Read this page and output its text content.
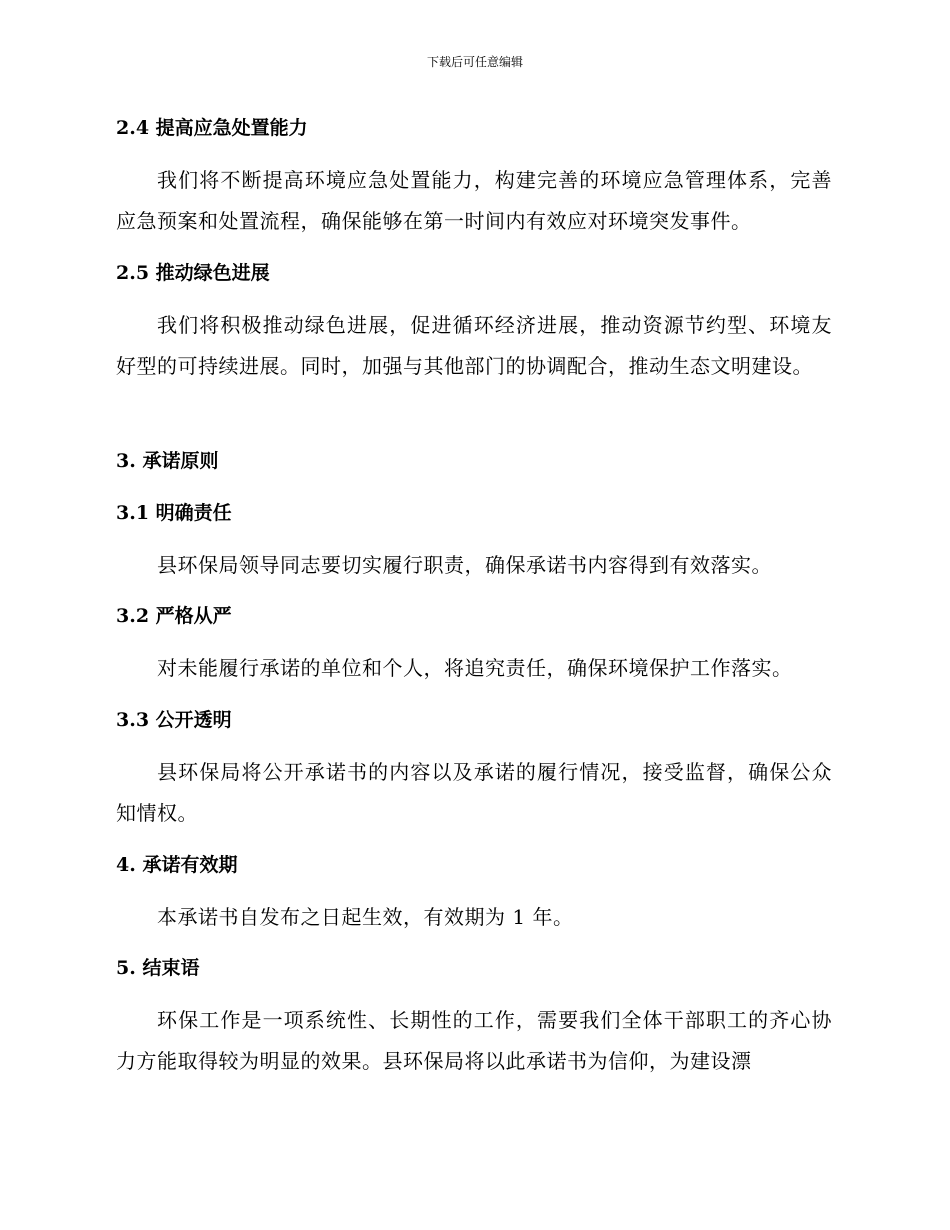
下载后可任意编辑
2.4 提高应急处置能力
我们将不断提高环境应急处置能力，构建完善的环境应急管理体系，完善应急预案和处置流程，确保能够在第一时间内有效应对环境突发事件。
2.5 推动绿色进展
我们将积极推动绿色进展，促进循环经济进展，推动资源节约型、环境友好型的可持续进展。同时，加强与其他部门的协调配合，推动生态文明建设。
3. 承诺原则
3.1 明确责任
县环保局领导同志要切实履行职责，确保承诺书内容得到有效落实。
3.2 严格从严
对未能履行承诺的单位和个人，将追究责任，确保环境保护工作落实。
3.3 公开透明
县环保局将公开承诺书的内容以及承诺的履行情况，接受监督，确保公众知情权。
4. 承诺有效期
本承诺书自发布之日起生效，有效期为 1 年。
5. 结束语
环保工作是一项系统性、长期性的工作，需要我们全体干部职工的齐心协力方能取得较为明显的效果。县环保局将以此承诺书为信仰，为建设漂
